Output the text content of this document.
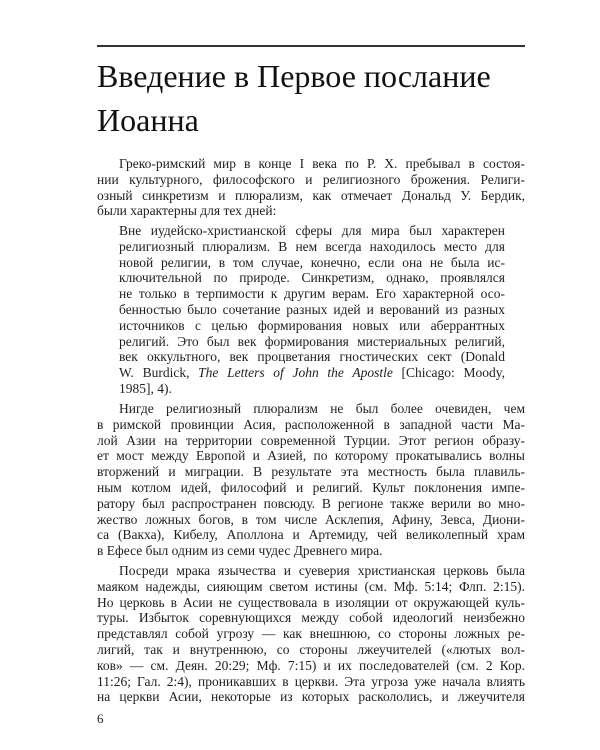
Введение в Первое послание
Иоанна
Греко-римский мир в конце I века по Р. Х. пребывал в состоя-
нии культурного, философского и религиозного брожения. Религи-
озный синкретизм и плюрализм, как отмечает Дональд У. Бердик,
были характерны для тех дней:
Вне иудейско-христианской сферы для мира был характерен
религиозный плюрализм. В нем всегда находилось место для
новой религии, в том случае, конечно, если она не была ис-
ключительной по природе. Синкретизм, однако, проявлялся
не только в терпимости к другим верам. Его характерной осо-
бенностью было сочетание разных идей и верований из разных
источников с целью формирования новых или аберрантных
религий. Это был век формирования мистериальных религий,
век оккультного, век процветания гностических сект (Donald
W. Burdick, The Letters of John the Apostle [Chicago: Moody,
1985], 4).
Нигде религиозный плюрализм не был более очевиден, чем
в римской провинции Асия, расположенной в западной части Ма-
лой Азии на территории современной Турции. Этот регион образу-
ет мост между Европой и Азией, по которому прокатывались волны
вторжений и миграции. В результате эта местность была плавиль-
ным котлом идей, философий и религий. Культ поклонения импе-
ратору был распространен повсюду. В регионе также верили во мно-
жество ложных богов, в том числе Асклепия, Афину, Зевса, Диони-
са (Вакха), Кибелу, Аполлона и Артемиду, чей великолепный храм
в Ефесе был одним из семи чудес Древнего мира.
Посреди мрака язычества и суеверия христианская церковь была
маяком надежды, сияющим светом истины (см. Мф. 5:14; Флп. 2:15).
Но церковь в Асии не существовала в изоляции от окружающей куль-
туры. Избыток соревнующихся между собой идеологий неизбежно
представлял собой угрозу — как внешнюю, со стороны ложных ре-
лигий, так и внутреннюю, со стороны лжеучителей («лютых вол-
ков» — см. Деян. 20:29; Мф. 7:15) и их последователей (см. 2 Кор.
11:26; Гал. 2:4), проникавших в церкви. Эта угроза уже начала влиять
на церкви Асии, некоторые из которых раскололись, и лжеучителя
6
